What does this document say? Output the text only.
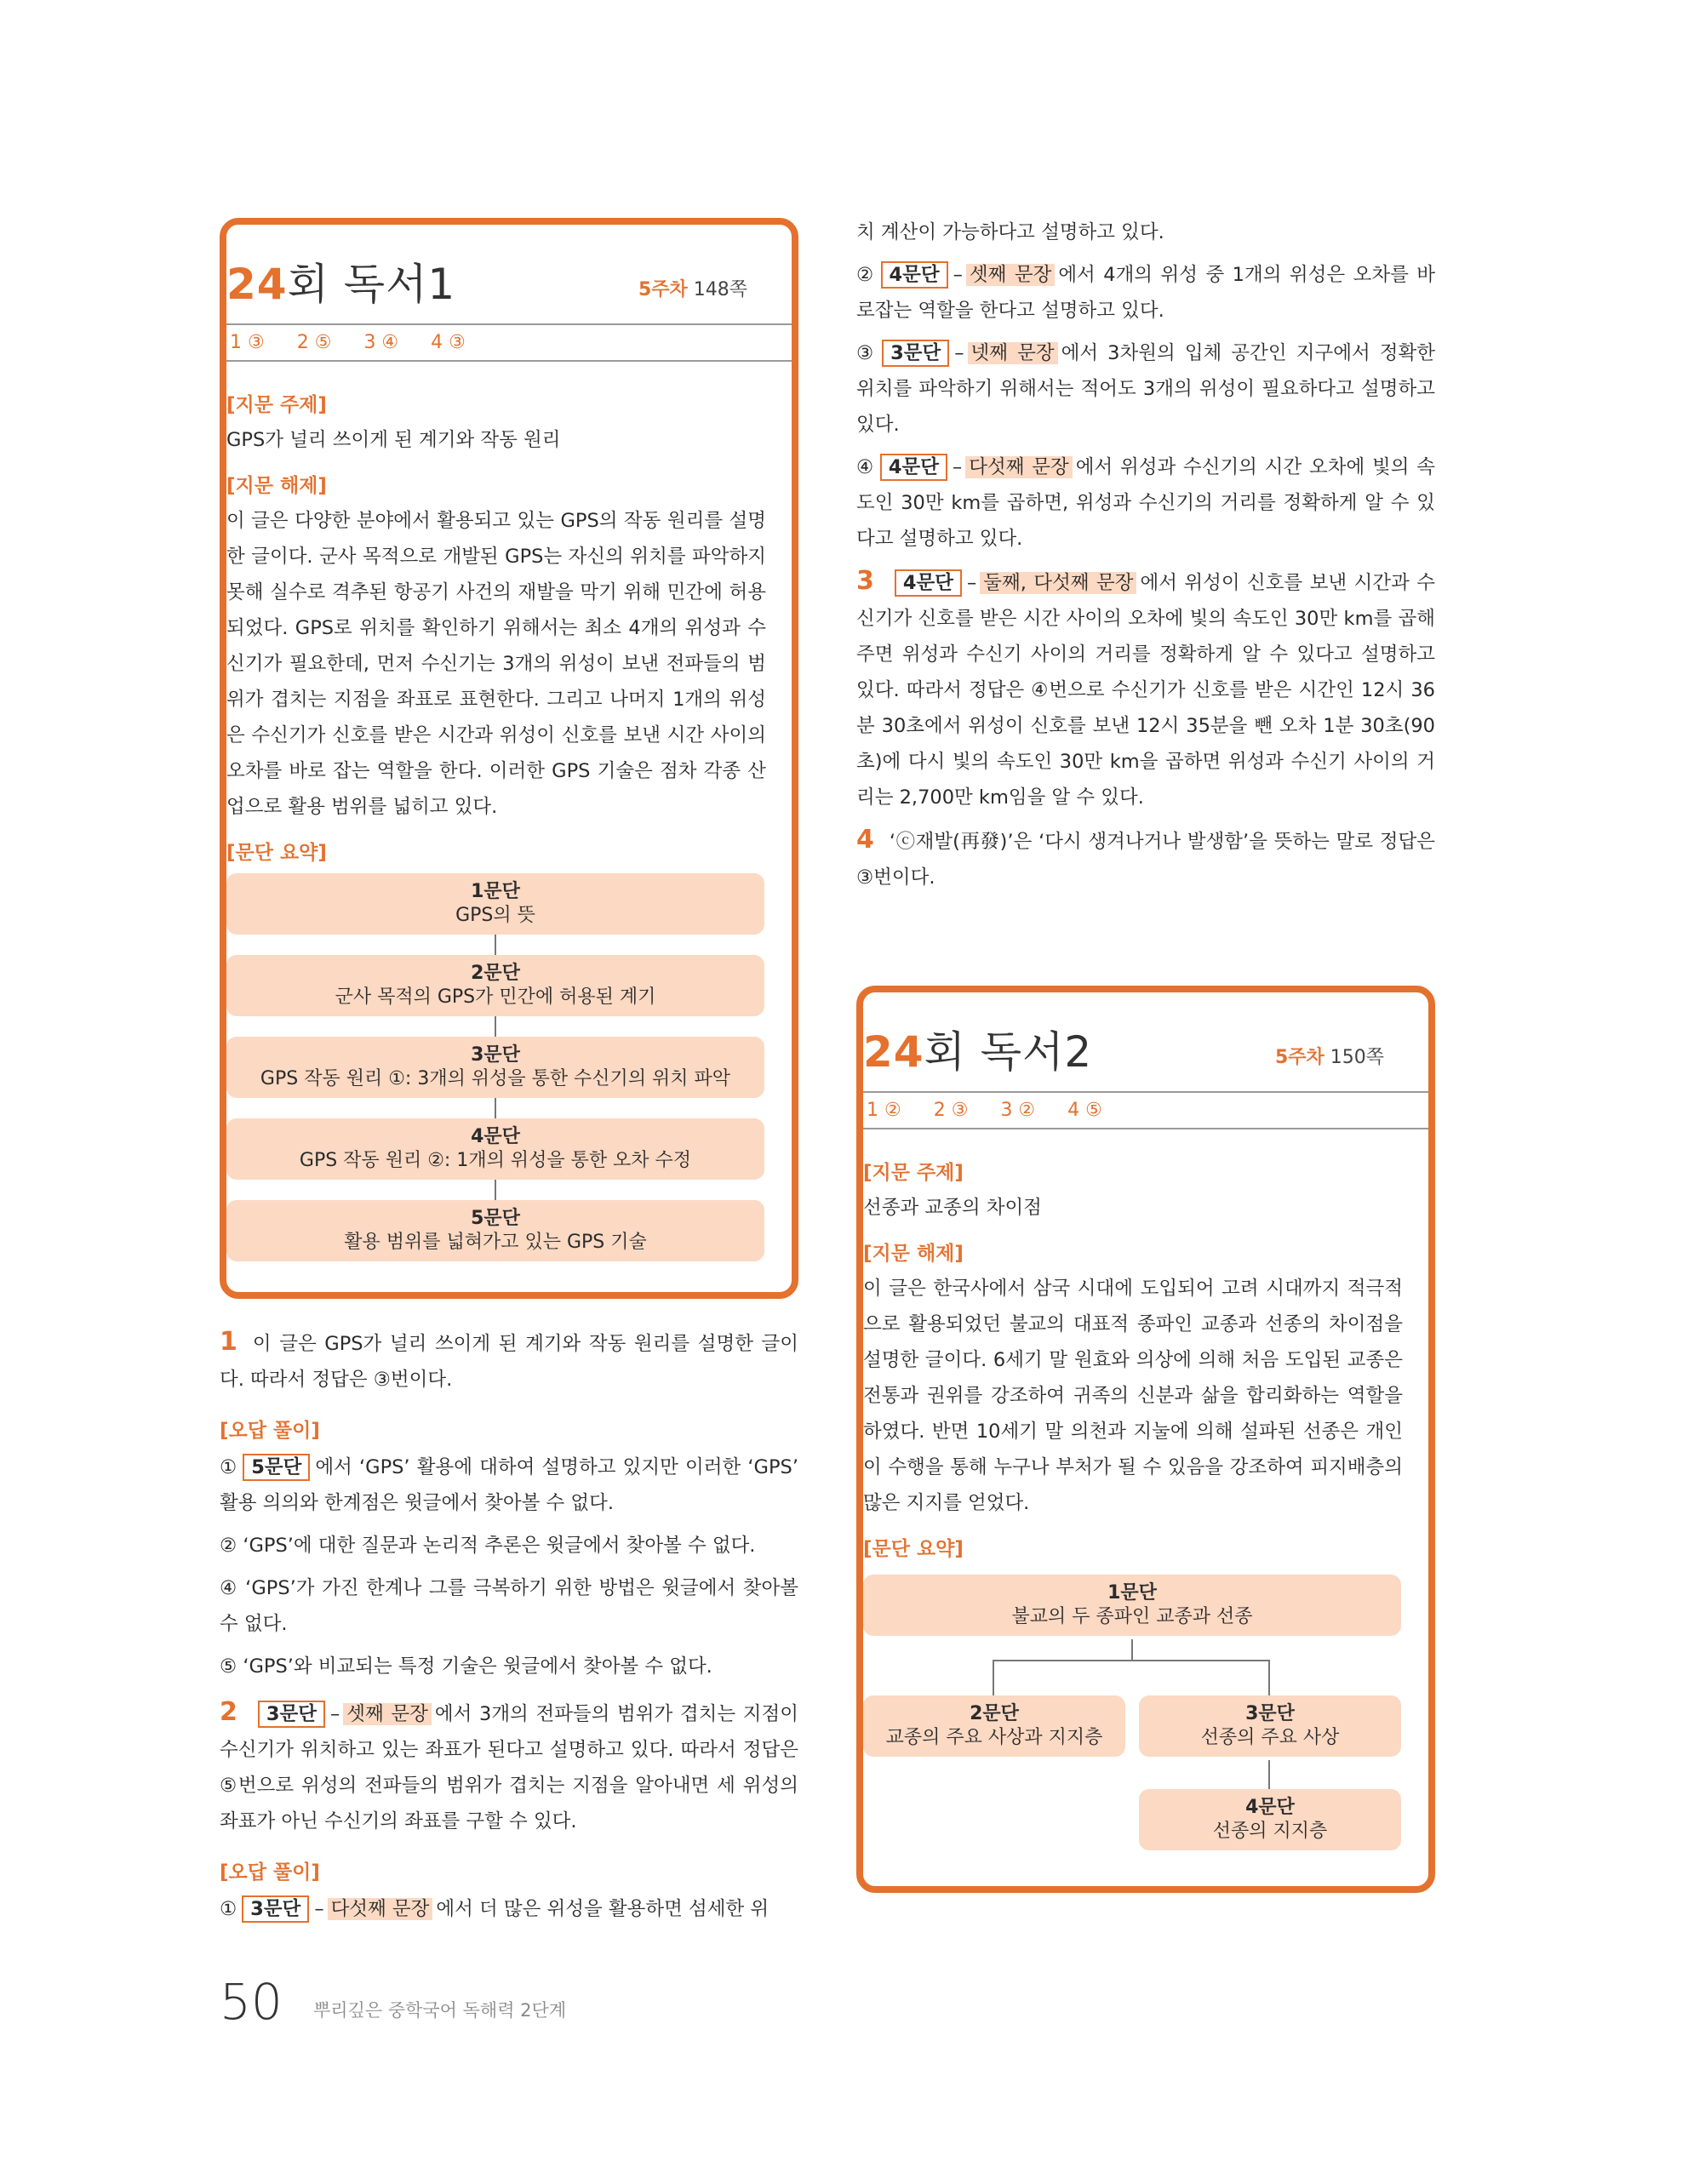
24회 독서1	5주차 148쪽
1 ③ 2 ⑤ 3 ④ 4 ③
[지문 주제]

GPS가 널리 쓰이게 된 계기와 작동 원리

[지문 해제]

이 글은 다양한 분야에서 활용되고 있는 GPS의 작동 원리를 설명한 글이다. 군사 목적으로 개발된 GPS는 자신의 위치를 파악하지 못해 실수로 격추된 항공기 사건의 재발을 막기 위해 민간에 허용되었다. GPS로 위치를 확인하기 위해서는 최소 4개의 위성과 수신기가 필요한데, 먼저 수신기는 3개의 위성이 보낸 전파들의 범위가 겹치는 지점을 좌표로 표현한다. 그리고 나머지 1개의 위성은 수신기가 신호를 받은 시간과 위성이 신호를 보낸 시간 사이의 오차를 바로 잡는 역할을 한다. 이러한 GPS 기술은 점차 각종 산업으로 활용 범위를 넓히고 있다.

[문단 요약]
1문단
GPS의 뜻
2문단
군사 목적의 GPS가 민간에 허용된 계기
3문단
GPS 작동 원리 ①: 3개의 위성을 통한 수신기의 위치 파악
4문단
GPS 작동 원리 ②: 1개의 위성을 통한 오차 수정
5문단
활용 범위를 넓혀가고 있는 GPS 기술

1 이 글은 GPS가 널리 쓰이게 된 계기와 작동 원리를 설명한 글이다. 따라서 정답은 ③번이다.

[오답 풀이]

① 5문단 에서 ‘GPS’ 활용에 대하여 설명하고 있지만 이러한 ‘GPS’ 활용 의의와 한계점은 윗글에서 찾아볼 수 없다.

② ‘GPS’에 대한 질문과 논리적 추론은 윗글에서 찾아볼 수 없다.

④ ‘GPS’가 가진 한계나 그를 극복하기 위한 방법은 윗글에서 찾아볼 수 없다.

⑤ ‘GPS’와 비교되는 특정 기술은 윗글에서 찾아볼 수 없다.

2 3문단 – 셋째 문장 에서 3개의 전파들의 범위가 겹치는 지점이 수신기가 위치하고 있는 좌표가 된다고 설명하고 있다. 따라서 정답은 ⑤번으로 위성의 전파들의 범위가 겹치는 지점을 알아내면 세 위성의 좌표가 아닌 수신기의 좌표를 구할 수 있다.

[오답 풀이]

① 3문단 – 다섯째 문장 에서 더 많은 위성을 활용하면 섬세한 위

치 계산이 가능하다고 설명하고 있다.

② 4문단 – 셋째 문장 에서 4개의 위성 중 1개의 위성은 오차를 바로잡는 역할을 한다고 설명하고 있다.

③ 3문단 – 넷째 문장 에서 3차원의 입체 공간인 지구에서 정확한 위치를 파악하기 위해서는 적어도 3개의 위성이 필요하다고 설명하고 있다.

④ 4문단 – 다섯째 문장 에서 위성과 수신기의 시간 오차에 빛의 속도인 30만 km를 곱하면, 위성과 수신기의 거리를 정확하게 알 수 있다고 설명하고 있다.

3 4문단 – 둘째, 다섯째 문장 에서 위성이 신호를 보낸 시간과 수신기가 신호를 받은 시간 사이의 오차에 빛의 속도인 30만 km를 곱해주면 위성과 수신기 사이의 거리를 정확하게 알 수 있다고 설명하고 있다. 따라서 정답은 ④번으로 수신기가 신호를 받은 시간인 12시 36분 30초에서 위성이 신호를 보낸 12시 35분을 뺀 오차 1분 30초(90초)에 다시 빛의 속도인 30만 km을 곱하면 위성과 수신기 사이의 거리는 2,700만 km임을 알 수 있다.

4 ‘ⓒ재발(再發)’은 ‘다시 생겨나거나 발생함’을 뜻하는 말로 정답은 ③번이다.

24회 독서2	5주차 150쪽
1 ② 2 ③ 3 ② 4 ⑤
[지문 주제]

선종과 교종의 차이점

[지문 해제]

이 글은 한국사에서 삼국 시대에 도입되어 고려 시대까지 적극적으로 활용되었던 불교의 대표적 종파인 교종과 선종의 차이점을 설명한 글이다. 6세기 말 원효와 의상에 의해 처음 도입된 교종은 전통과 권위를 강조하여 귀족의 신분과 삶을 합리화하는 역할을 하였다. 반면 10세기 말 의천과 지눌에 의해 설파된 선종은 개인이 수행을 통해 누구나 부처가 될 수 있음을 강조하여 피지배층의 많은 지지를 얻었다.

[문단 요약]
1문단
불교의 두 종파인 교종과 선종
2문단
교종의 주요 사상과 지지층
3문단
선종의 주요 사상
4문단
선종의 지지층
50 뿌리깊은 중학국어 독해력 2단계
